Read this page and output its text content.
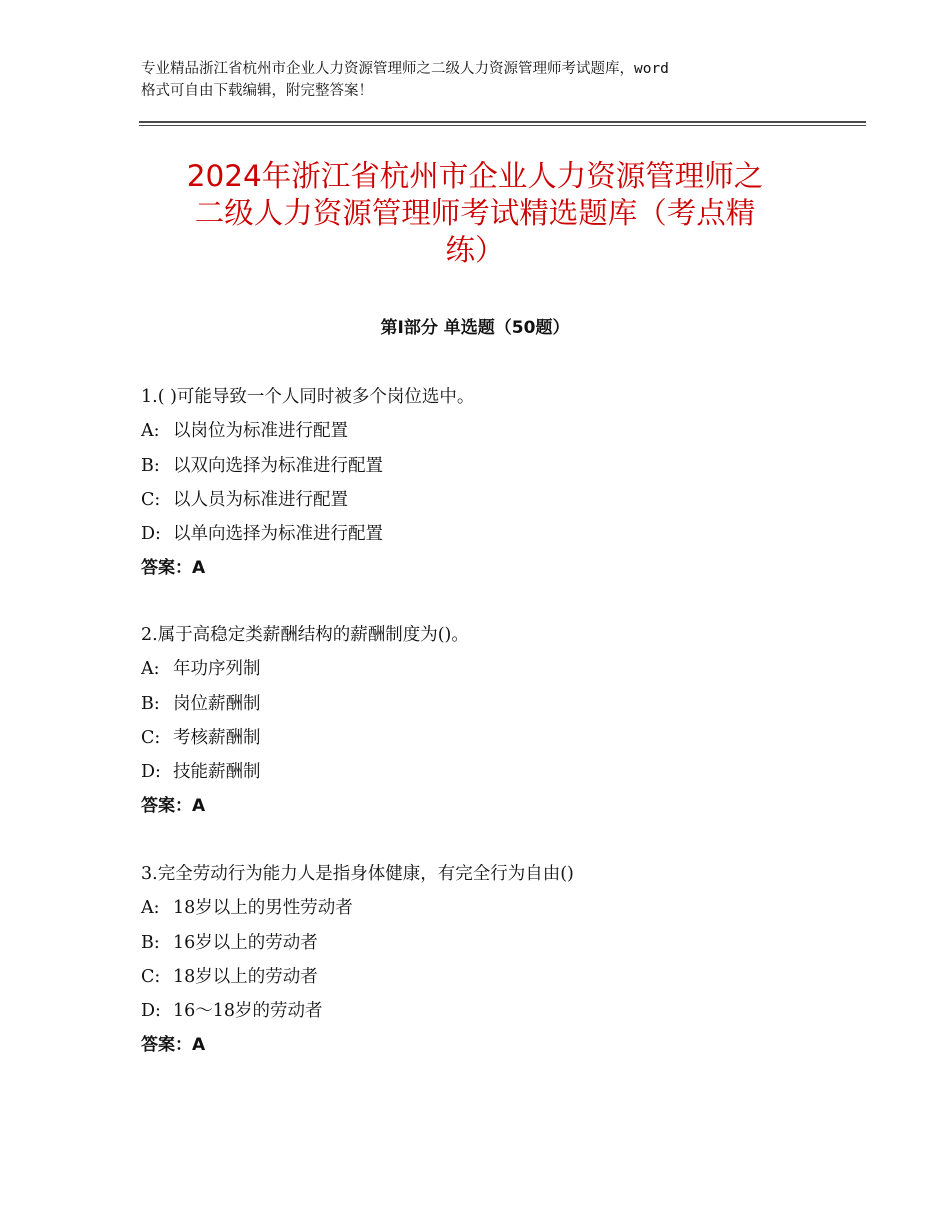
专业精品浙江省杭州市企业人力资源管理师之二级人力资源管理师考试题库，word
格式可自由下载编辑，附完整答案！
2024年浙江省杭州市企业人力资源管理师之
二级人力资源管理师考试精选题库（考点精
练）
第Ⅰ部分 单选题（50题）
1.( )可能导致一个人同时被多个岗位选中。
A: 以岗位为标准进行配置
B: 以双向选择为标准进行配置
C: 以人员为标准进行配置
D: 以单向选择为标准进行配置
答案：A
2.属于高稳定类薪酬结构的薪酬制度为()。
A: 年功序列制
B: 岗位薪酬制
C: 考核薪酬制
D: 技能薪酬制
答案：A
3.完全劳动行为能力人是指身体健康，有完全行为自由()
A: 18岁以上的男性劳动者
B: 16岁以上的劳动者
C: 18岁以上的劳动者
D: 16～18岁的劳动者
答案：A
